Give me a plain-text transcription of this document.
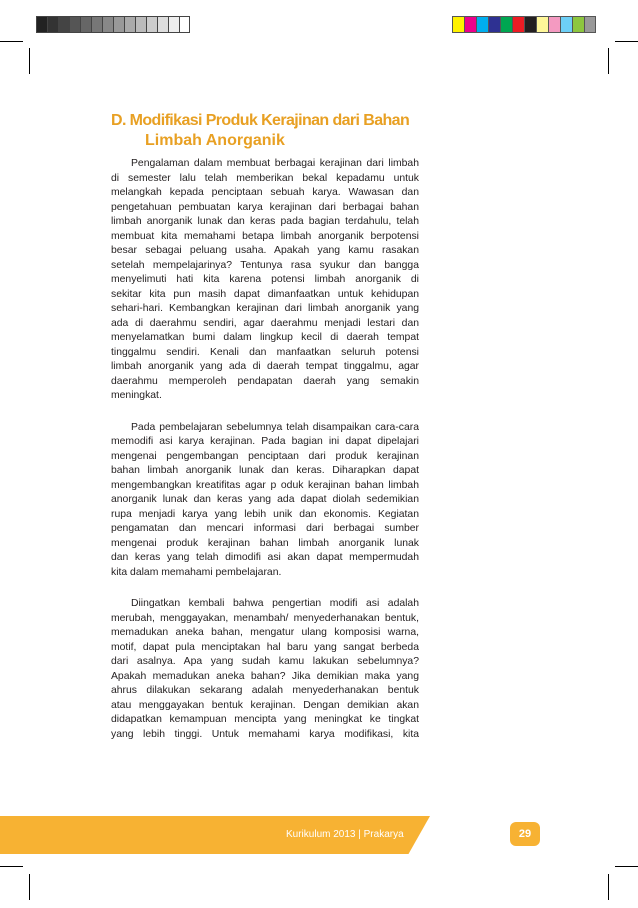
D. Modifikasi Produk Kerajinan dari Bahan
Limbah Anorganik
Pengalaman dalam membuat berbagai kerajinan dari limbah
di semester lalu telah memberikan bekal kepadamu untuk
melangkah kepada penciptaan sebuah karya. Wawasan dan
pengetahuan pembuatan karya kerajinan dari berbagai bahan
limbah anorganik lunak dan keras pada bagian terdahulu, telah
membuat kita memahami betapa limbah anorganik berpotensi
besar sebagai peluang usaha. Apakah yang kamu rasakan
setelah mempelajarinya? Tentunya rasa syukur dan bangga
menyelimuti hati kita karena potensi limbah anorganik di
sekitar kita pun masih dapat dimanfaatkan untuk kehidupan
sehari-hari. Kembangkan kerajinan dari limbah anorganik yang
ada di daerahmu sendiri, agar daerahmu menjadi lestari dan
menyelamatkan bumi dalam lingkup kecil di daerah tempat
tinggalmu sendiri. Kenali dan manfaatkan seluruh potensi
limbah anorganik yang ada di daerah tempat tinggalmu, agar
daerahmu memperoleh pendapatan daerah yang semakin
meningkat.
Pada pembelajaran sebelumnya telah disampaikan cara-cara
memodifi asi karya kerajinan. Pada bagian ini dapat dipelajari
mengenai pengembangan penciptaan dari produk kerajinan
bahan limbah anorganik lunak dan keras. Diharapkan dapat
mengembangkan kreatifitas agar p oduk kerajinan bahan limbah
anorganik lunak dan keras yang ada dapat diolah sedemikian
rupa menjadi karya yang lebih unik dan ekonomis. Kegiatan
pengamatan dan mencari informasi dari berbagai sumber
mengenai produk kerajinan bahan limbah anorganik lunak
dan keras yang telah dimodifi asi akan dapat mempermudah
kita dalam memahami pembelajaran.
Diingatkan kembali bahwa pengertian modifi asi adalah
merubah, menggayakan, menambah/ menyederhanakan bentuk,
memadukan aneka bahan, mengatur ulang komposisi warna,
motif, dapat pula menciptakan hal baru yang sangat berbeda
dari asalnya. Apa yang sudah kamu lakukan sebelumnya?
Apakah memadukan aneka bahan? Jika demikian maka yang
ahrus dilakukan sekarang adalah menyederhanakan bentuk
atau menggayakan bentuk kerajinan. Dengan demikian akan
didapatkan kemampuan mencipta yang meningkat ke tingkat
yang lebih tinggi. Untuk memahami karya modifikasi, kita
Kurikulum 2013 | Prakarya	29
